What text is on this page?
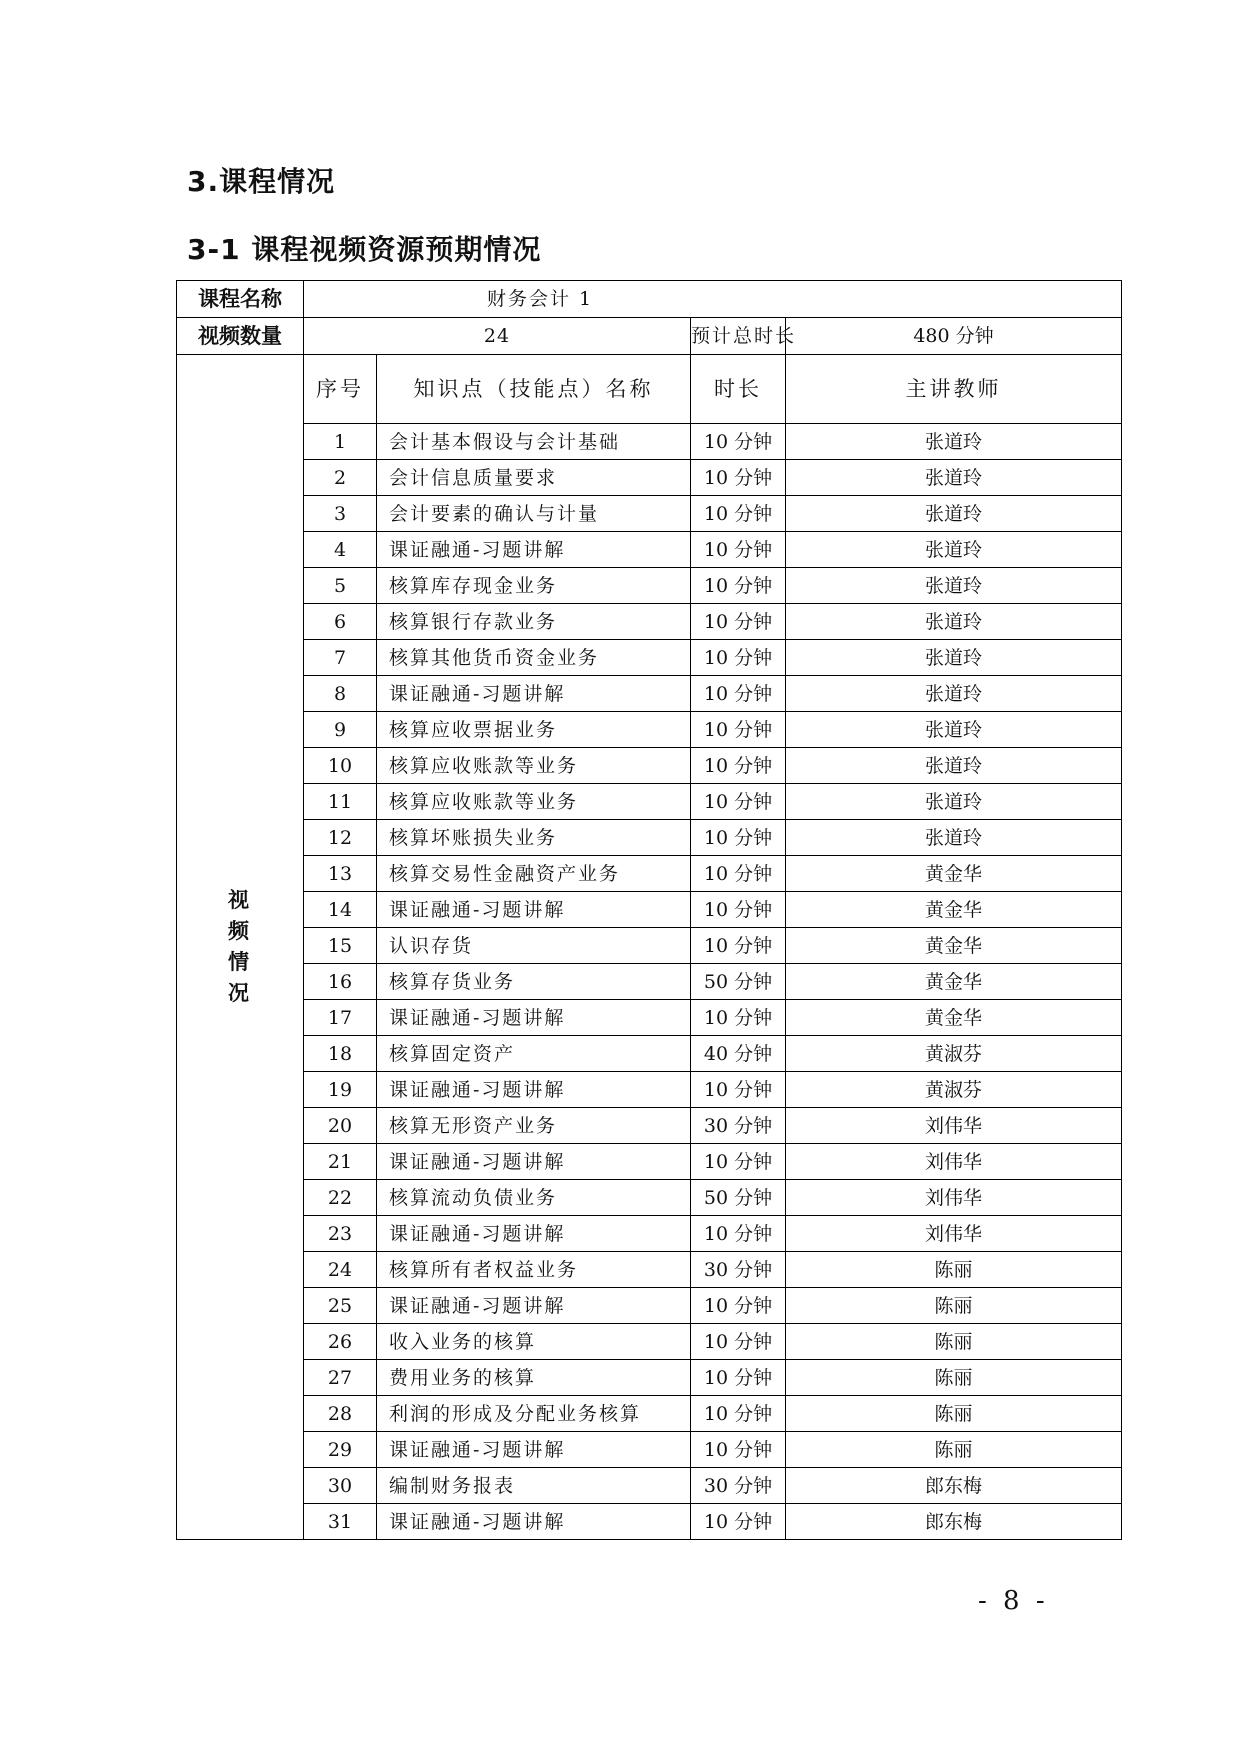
3.课程情况
3-1 课程视频资源预期情况
课程名称	财务会计 1			
视频数量	24		预计总时长	480 分钟
视频情况	序号	知识点（技能点）名称	时长	主讲教师
	1	会计基本假设与会计基础	10 分钟	张道玲
	2	会计信息质量要求	10 分钟	张道玲
	3	会计要素的确认与计量	10 分钟	张道玲
	4	课证融通-习题讲解	10 分钟	张道玲
	5	核算库存现金业务	10 分钟	张道玲
	6	核算银行存款业务	10 分钟	张道玲
	7	核算其他货币资金业务	10 分钟	张道玲
	8	课证融通-习题讲解	10 分钟	张道玲
	9	核算应收票据业务	10 分钟	张道玲
	10	核算应收账款等业务	10 分钟	张道玲
	11	核算应收账款等业务	10 分钟	张道玲
	12	核算坏账损失业务	10 分钟	张道玲
	13	核算交易性金融资产业务	10 分钟	黄金华
	14	课证融通-习题讲解	10 分钟	黄金华
	15	认识存货	10 分钟	黄金华
	16	核算存货业务	50 分钟	黄金华
	17	课证融通-习题讲解	10 分钟	黄金华
	18	核算固定资产	40 分钟	黄淑芬
	19	课证融通-习题讲解	10 分钟	黄淑芬
	20	核算无形资产业务	30 分钟	刘伟华
	21	课证融通-习题讲解	10 分钟	刘伟华
	22	核算流动负债业务	50 分钟	刘伟华
	23	课证融通-习题讲解	10 分钟	刘伟华
	24	核算所有者权益业务	30 分钟	陈丽
	25	课证融通-习题讲解	10 分钟	陈丽
	26	收入业务的核算	10 分钟	陈丽
	27	费用业务的核算	10 分钟	陈丽
	28	利润的形成及分配业务核算	10 分钟	陈丽
	29	课证融通-习题讲解	10 分钟	陈丽
	30	编制财务报表	30 分钟	郎东梅
	31	课证融通-习题讲解	10 分钟	郎东梅
- 8 -
